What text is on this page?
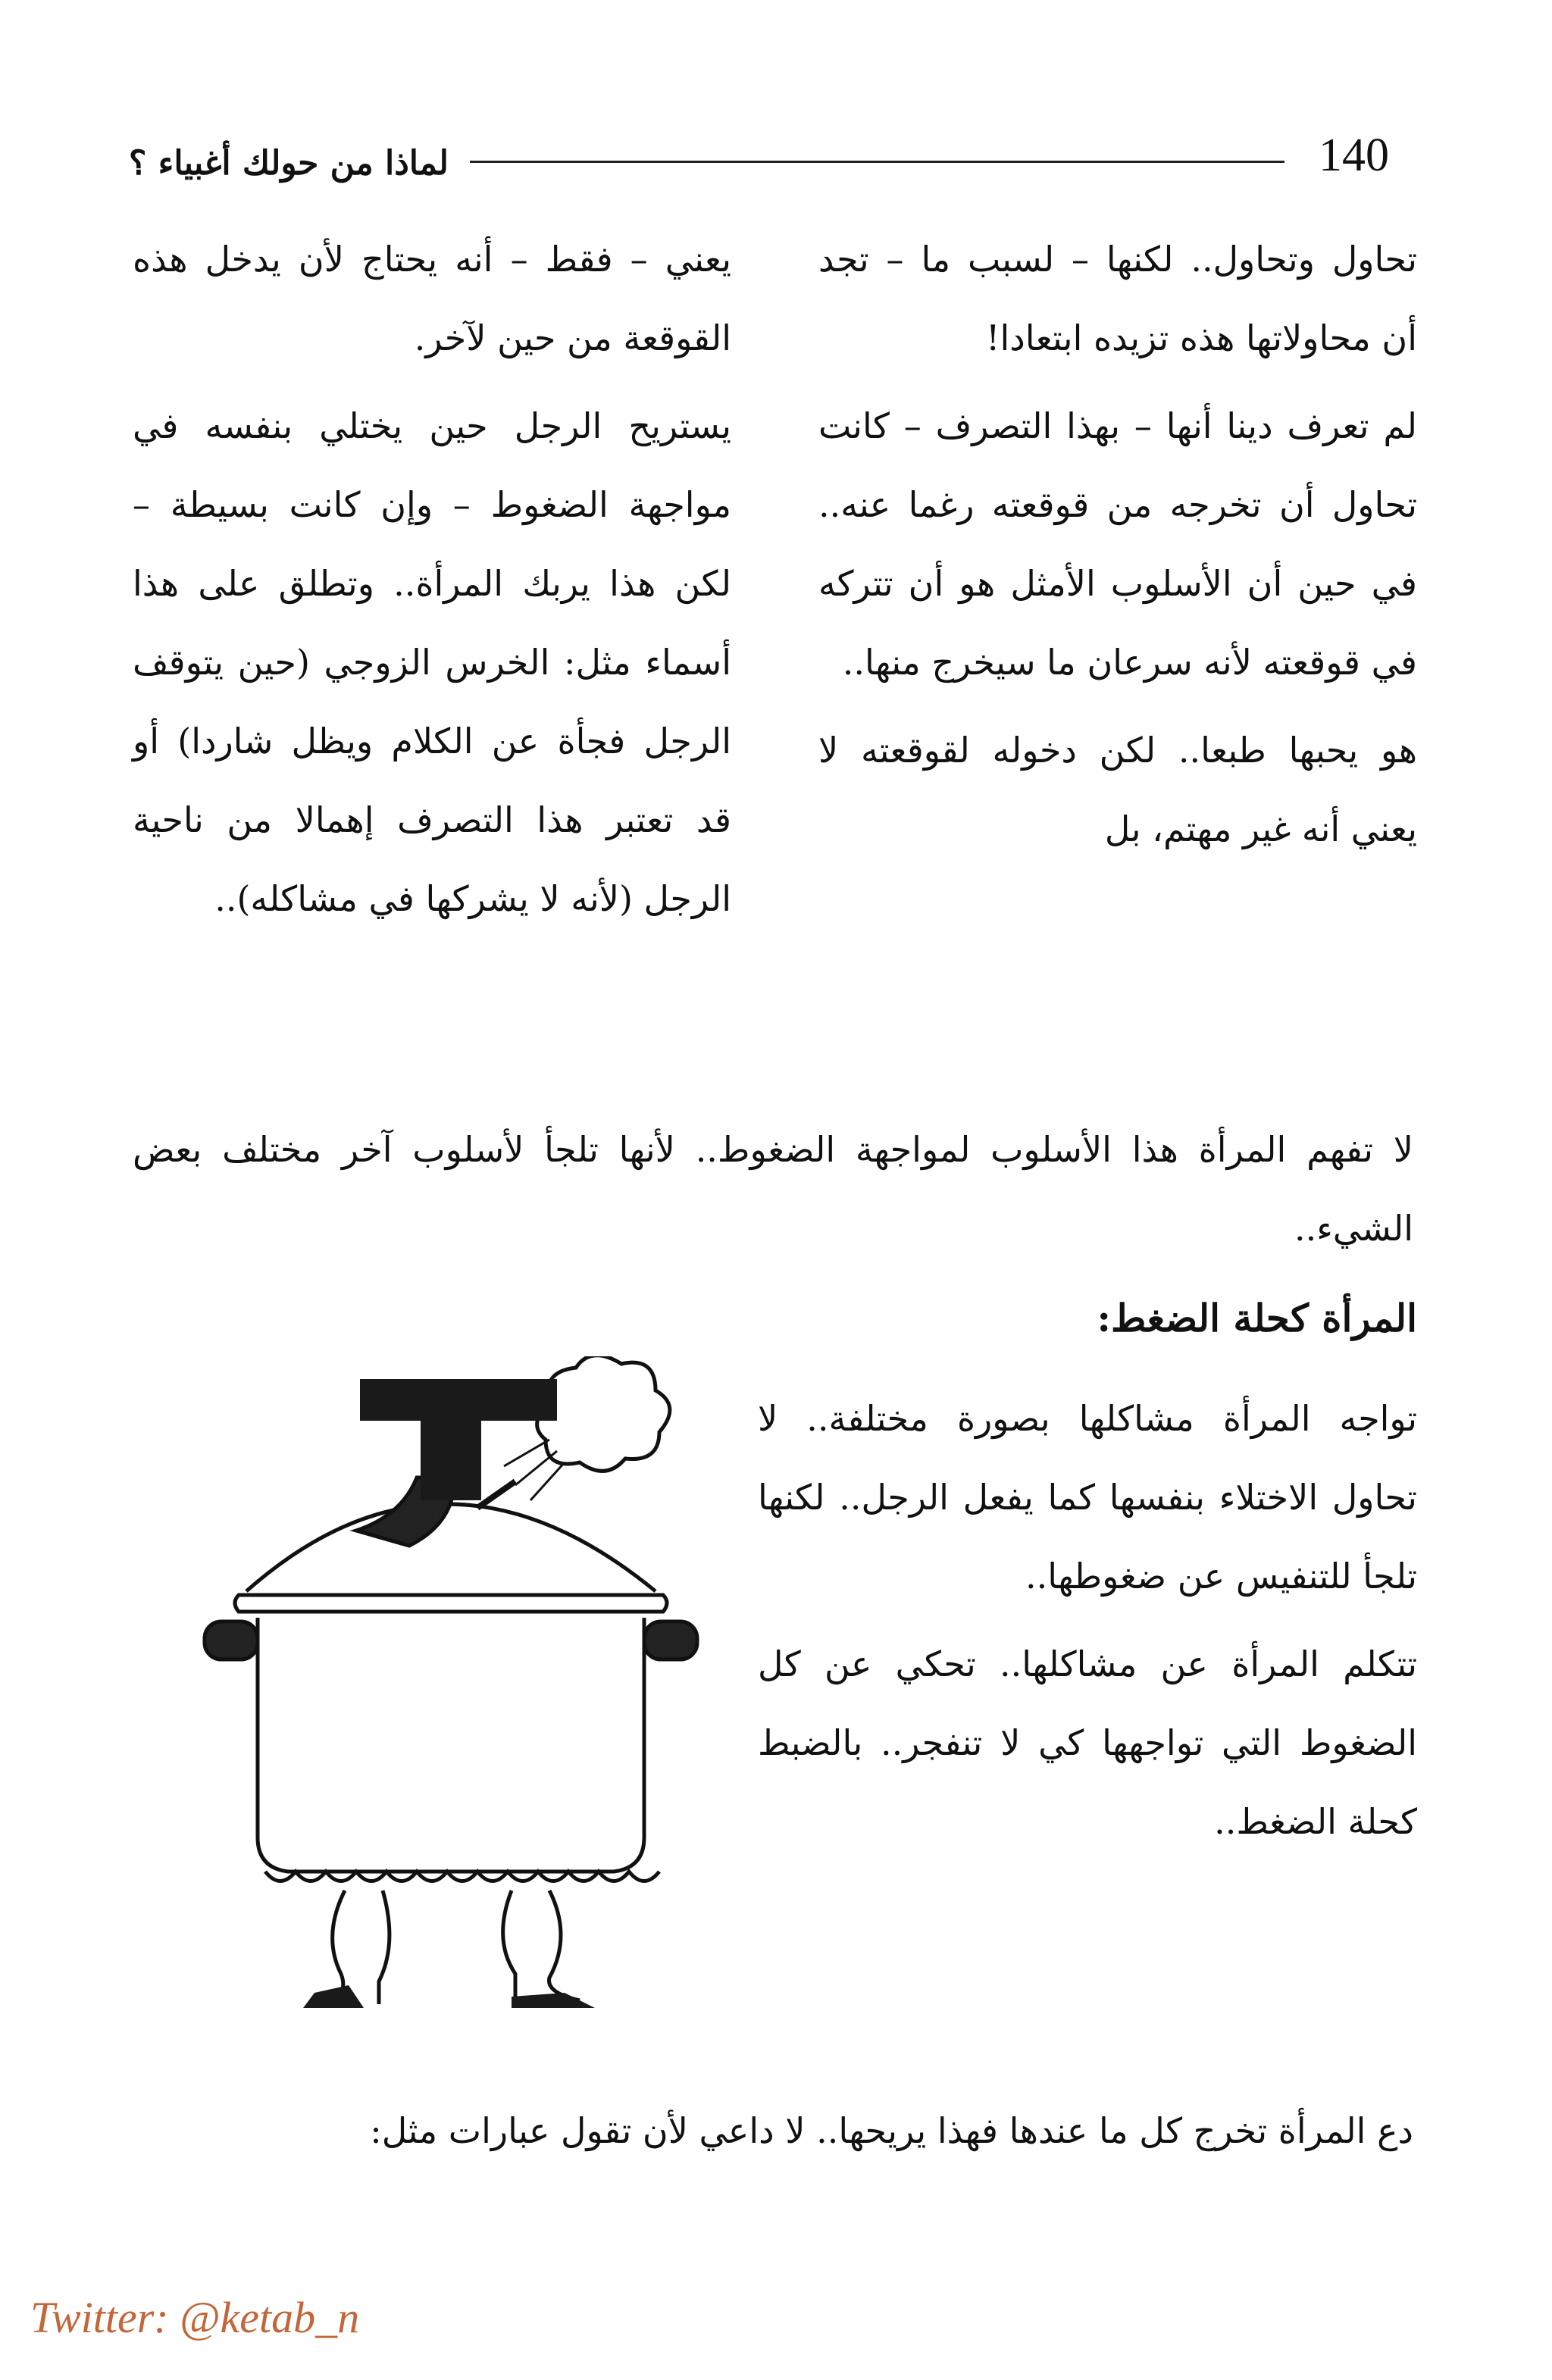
140
لماذا من حولك أغبياء ؟

تحاول وتحاول.. لكنها – لسبب ما – تجد أن محاولاتها هذه تزيده ابتعادا!

لم تعرف دينا أنها – بهذا التصرف – كانت تحاول أن تخرجه من قوقعته رغما عنه.. في حين أن الأسلوب الأمثل هو أن تتركه في قوقعته لأنه سرعان ما سيخرج منها..

هو يحبها طبعا.. لكن دخوله لقوقعته لا يعني أنه غير مهتم، بل

يعني – فقط – أنه يحتاج لأن يدخل هذه القوقعة من حين لآخر.

يستريح الرجل حين يختلي بنفسه في مواجهة الضغوط – وإن كانت بسيطة – لكن هذا يربك المرأة.. وتطلق على هذا أسماء مثل: الخرس الزوجي (حين يتوقف الرجل فجأة عن الكلام ويظل شاردا) أو قد تعتبر هذا التصرف إهمالا من ناحية الرجل (لأنه لا يشركها في مشاكله)..

لا تفهم المرأة هذا الأسلوب لمواجهة الضغوط.. لأنها تلجأ لأسلوب آخر مختلف بعض الشيء..

المرأة كحلة الضغط:

تواجه المرأة مشاكلها بصورة مختلفة.. لا تحاول الاختلاء بنفسها كما يفعل الرجل.. لكنها تلجأ للتنفيس عن ضغوطها..

تتكلم المرأة عن مشاكلها.. تحكي عن كل الضغوط التي تواجهها كي لا تنفجر.. بالضبط كحلة الضغط..

دع المرأة تخرج كل ما عندها فهذا يريحها.. لا داعي لأن تقول عبارات مثل:

Twitter: @ketab_n
